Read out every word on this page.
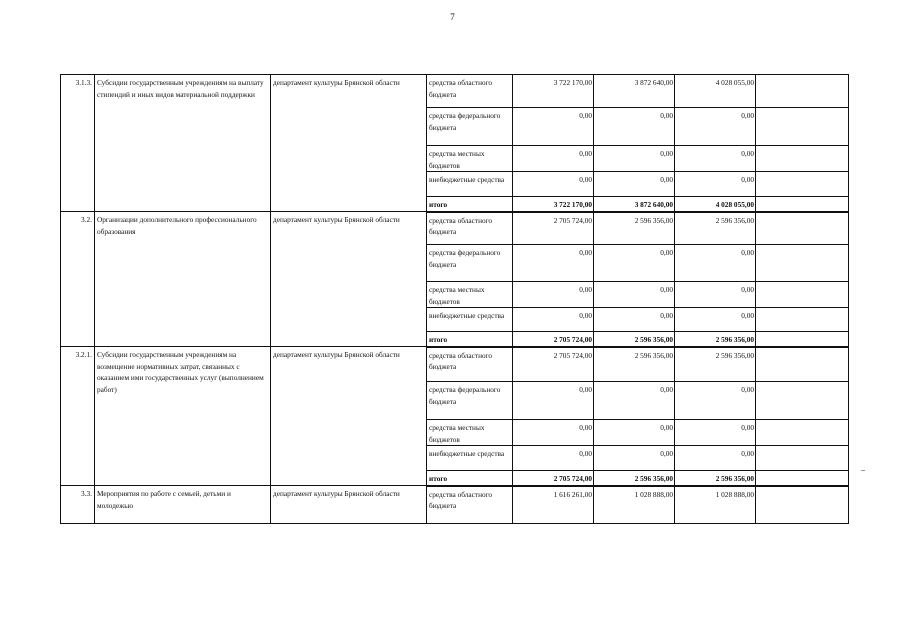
7
3.1.3.	Субсидии государственным учреждениям на выплату стипендий и иных видов материальной поддержки	департамент культуры Брянской области	средства областного бюджета	3 722 170,00	3 872 640,00	4 028 055,00	
			средства федерального бюджета	0,00	0,00	0,00	
			средства местных бюджетов	0,00	0,00	0,00	
			внебюджетные средства	0,00	0,00	0,00	
			итого	3 722 170,00	3 872 640,00	4 028 055,00	
3.2.	Организации дополнительного профессионального образования	департамент культуры Брянской области	средства областного бюджета	2 705 724,00	2 596 356,00	2 596 356,00	
			средства федерального бюджета	0,00	0,00	0,00	
			средства местных бюджетов	0,00	0,00	0,00	
			внебюджетные средства	0,00	0,00	0,00	
			итого	2 705 724,00	2 596 356,00	2 596 356,00	
3.2.1.	Субсидии государственным учреждениям на возмещение нормативных затрат, связанных с оказанием ими государственных услуг (выполнением работ)	департамент культуры Брянской области	средства областного бюджета	2 705 724,00	2 596 356,00	2 596 356,00	
			средства федерального бюджета	0,00	0,00	0,00	
			средства местных бюджетов	0,00	0,00	0,00	
			внебюджетные средства	0,00	0,00	0,00	
			итого	2 705 724,00	2 596 356,00	2 596 356,00	
3.3.	Мероприятия по работе с семьей, детьми и молодежью	департамент культуры Брянской области	средства областного бюджета	1 616 261,00	1 028 888,00	1 028 888,00	
